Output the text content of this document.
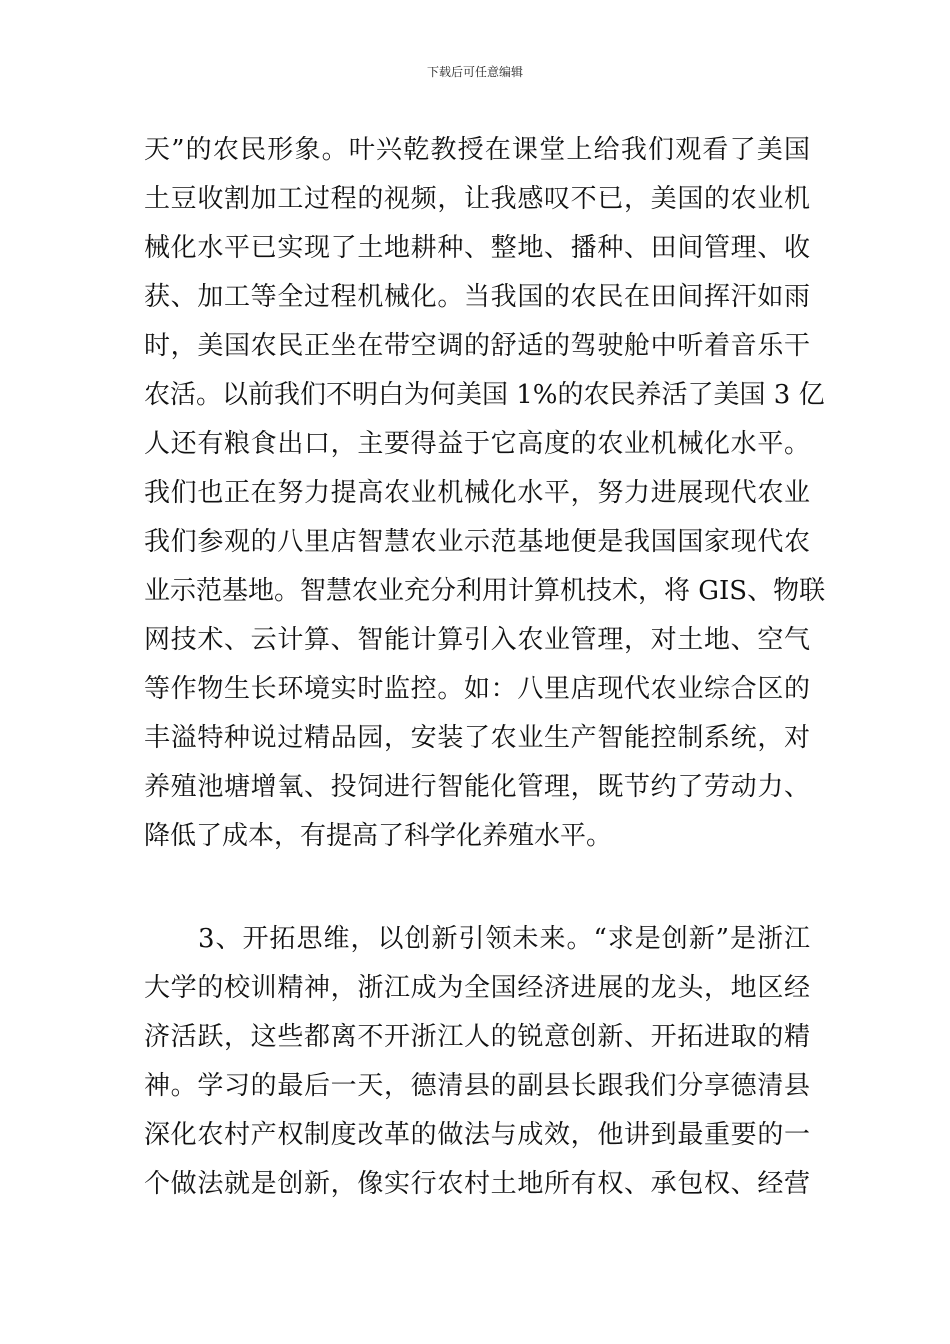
下载后可任意编辑
天”的农民形象。叶兴乾教授在课堂上给我们观看了美国
土豆收割加工过程的视频，让我感叹不已，美国的农业机
械化水平已实现了土地耕种、整地、播种、田间管理、收
获、加工等全过程机械化。当我国的农民在田间挥汗如雨
时，美国农民正坐在带空调的舒适的驾驶舱中听着音乐干
农活。以前我们不明白为何美国 1%的农民养活了美国 3 亿
人还有粮食出口，主要得益于它高度的农业机械化水平。
我们也正在努力提高农业机械化水平，努力进展现代农业
我们参观的八里店智慧农业示范基地便是我国国家现代农
业示范基地。智慧农业充分利用计算机技术，将 GIS、物联
网技术、云计算、智能计算引入农业管理，对土地、空气
等作物生长环境实时监控。如：八里店现代农业综合区的
丰溢特种说过精品园，安装了农业生产智能控制系统，对
养殖池塘增氧、投饲进行智能化管理，既节约了劳动力、
降低了成本，有提高了科学化养殖水平。
　　3、开拓思维，以创新引领未来。“求是创新”是浙江
大学的校训精神，浙江成为全国经济进展的龙头，地区经
济活跃，这些都离不开浙江人的锐意创新、开拓进取的精
神。学习的最后一天，德清县的副县长跟我们分享德清县
深化农村产权制度改革的做法与成效，他讲到最重要的一
个做法就是创新，像实行农村土地所有权、承包权、经营
